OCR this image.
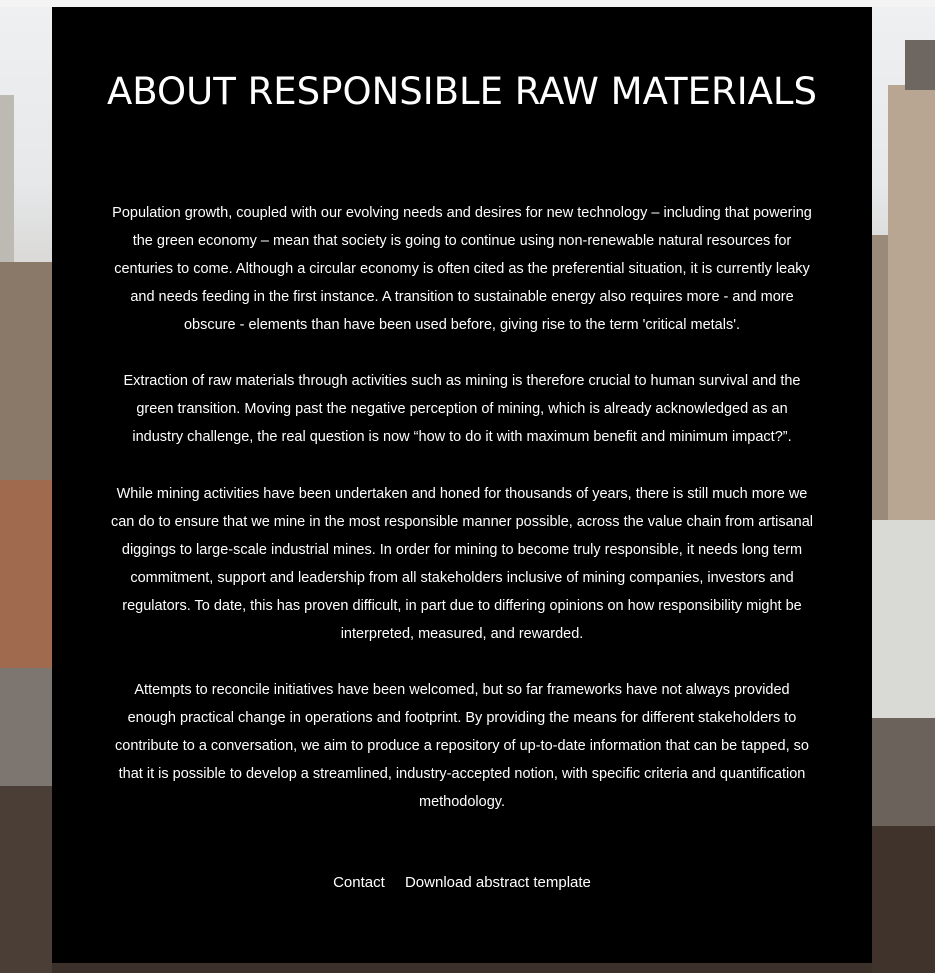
ABOUT RESPONSIBLE RAW MATERIALS

Population growth, coupled with our evolving needs and desires for new technology – including that powering the green economy – mean that society is going to continue using non-renewable natural resources for centuries to come. Although a circular economy is often cited as the preferential situation, it is currently leaky and needs feeding in the first instance. A transition to sustainable energy also requires more - and more obscure - elements than have been used before, giving rise to the term 'critical metals'.

Extraction of raw materials through activities such as mining is therefore crucial to human survival and the green transition. Moving past the negative perception of mining, which is already acknowledged as an industry challenge, the real question is now “how to do it with maximum benefit and minimum impact?”.

While mining activities have been undertaken and honed for thousands of years, there is still much more we can do to ensure that we mine in the most responsible manner possible, across the value chain from artisanal diggings to large-scale industrial mines. In order for mining to become truly responsible, it needs long term commitment, support and leadership from all stakeholders inclusive of mining companies, investors and regulators. To date, this has proven difficult, in part due to differing opinions on how responsibility might be interpreted, measured, and rewarded.

Attempts to reconcile initiatives have been welcomed, but so far frameworks have not always provided enough practical change in operations and footprint. By providing the means for different stakeholders to contribute to a conversation, we aim to produce a repository of up-to-date information that can be tapped, so that it is possible to develop a streamlined, industry-accepted notion, with specific criteria and quantification methodology.

Contact Download abstract template
